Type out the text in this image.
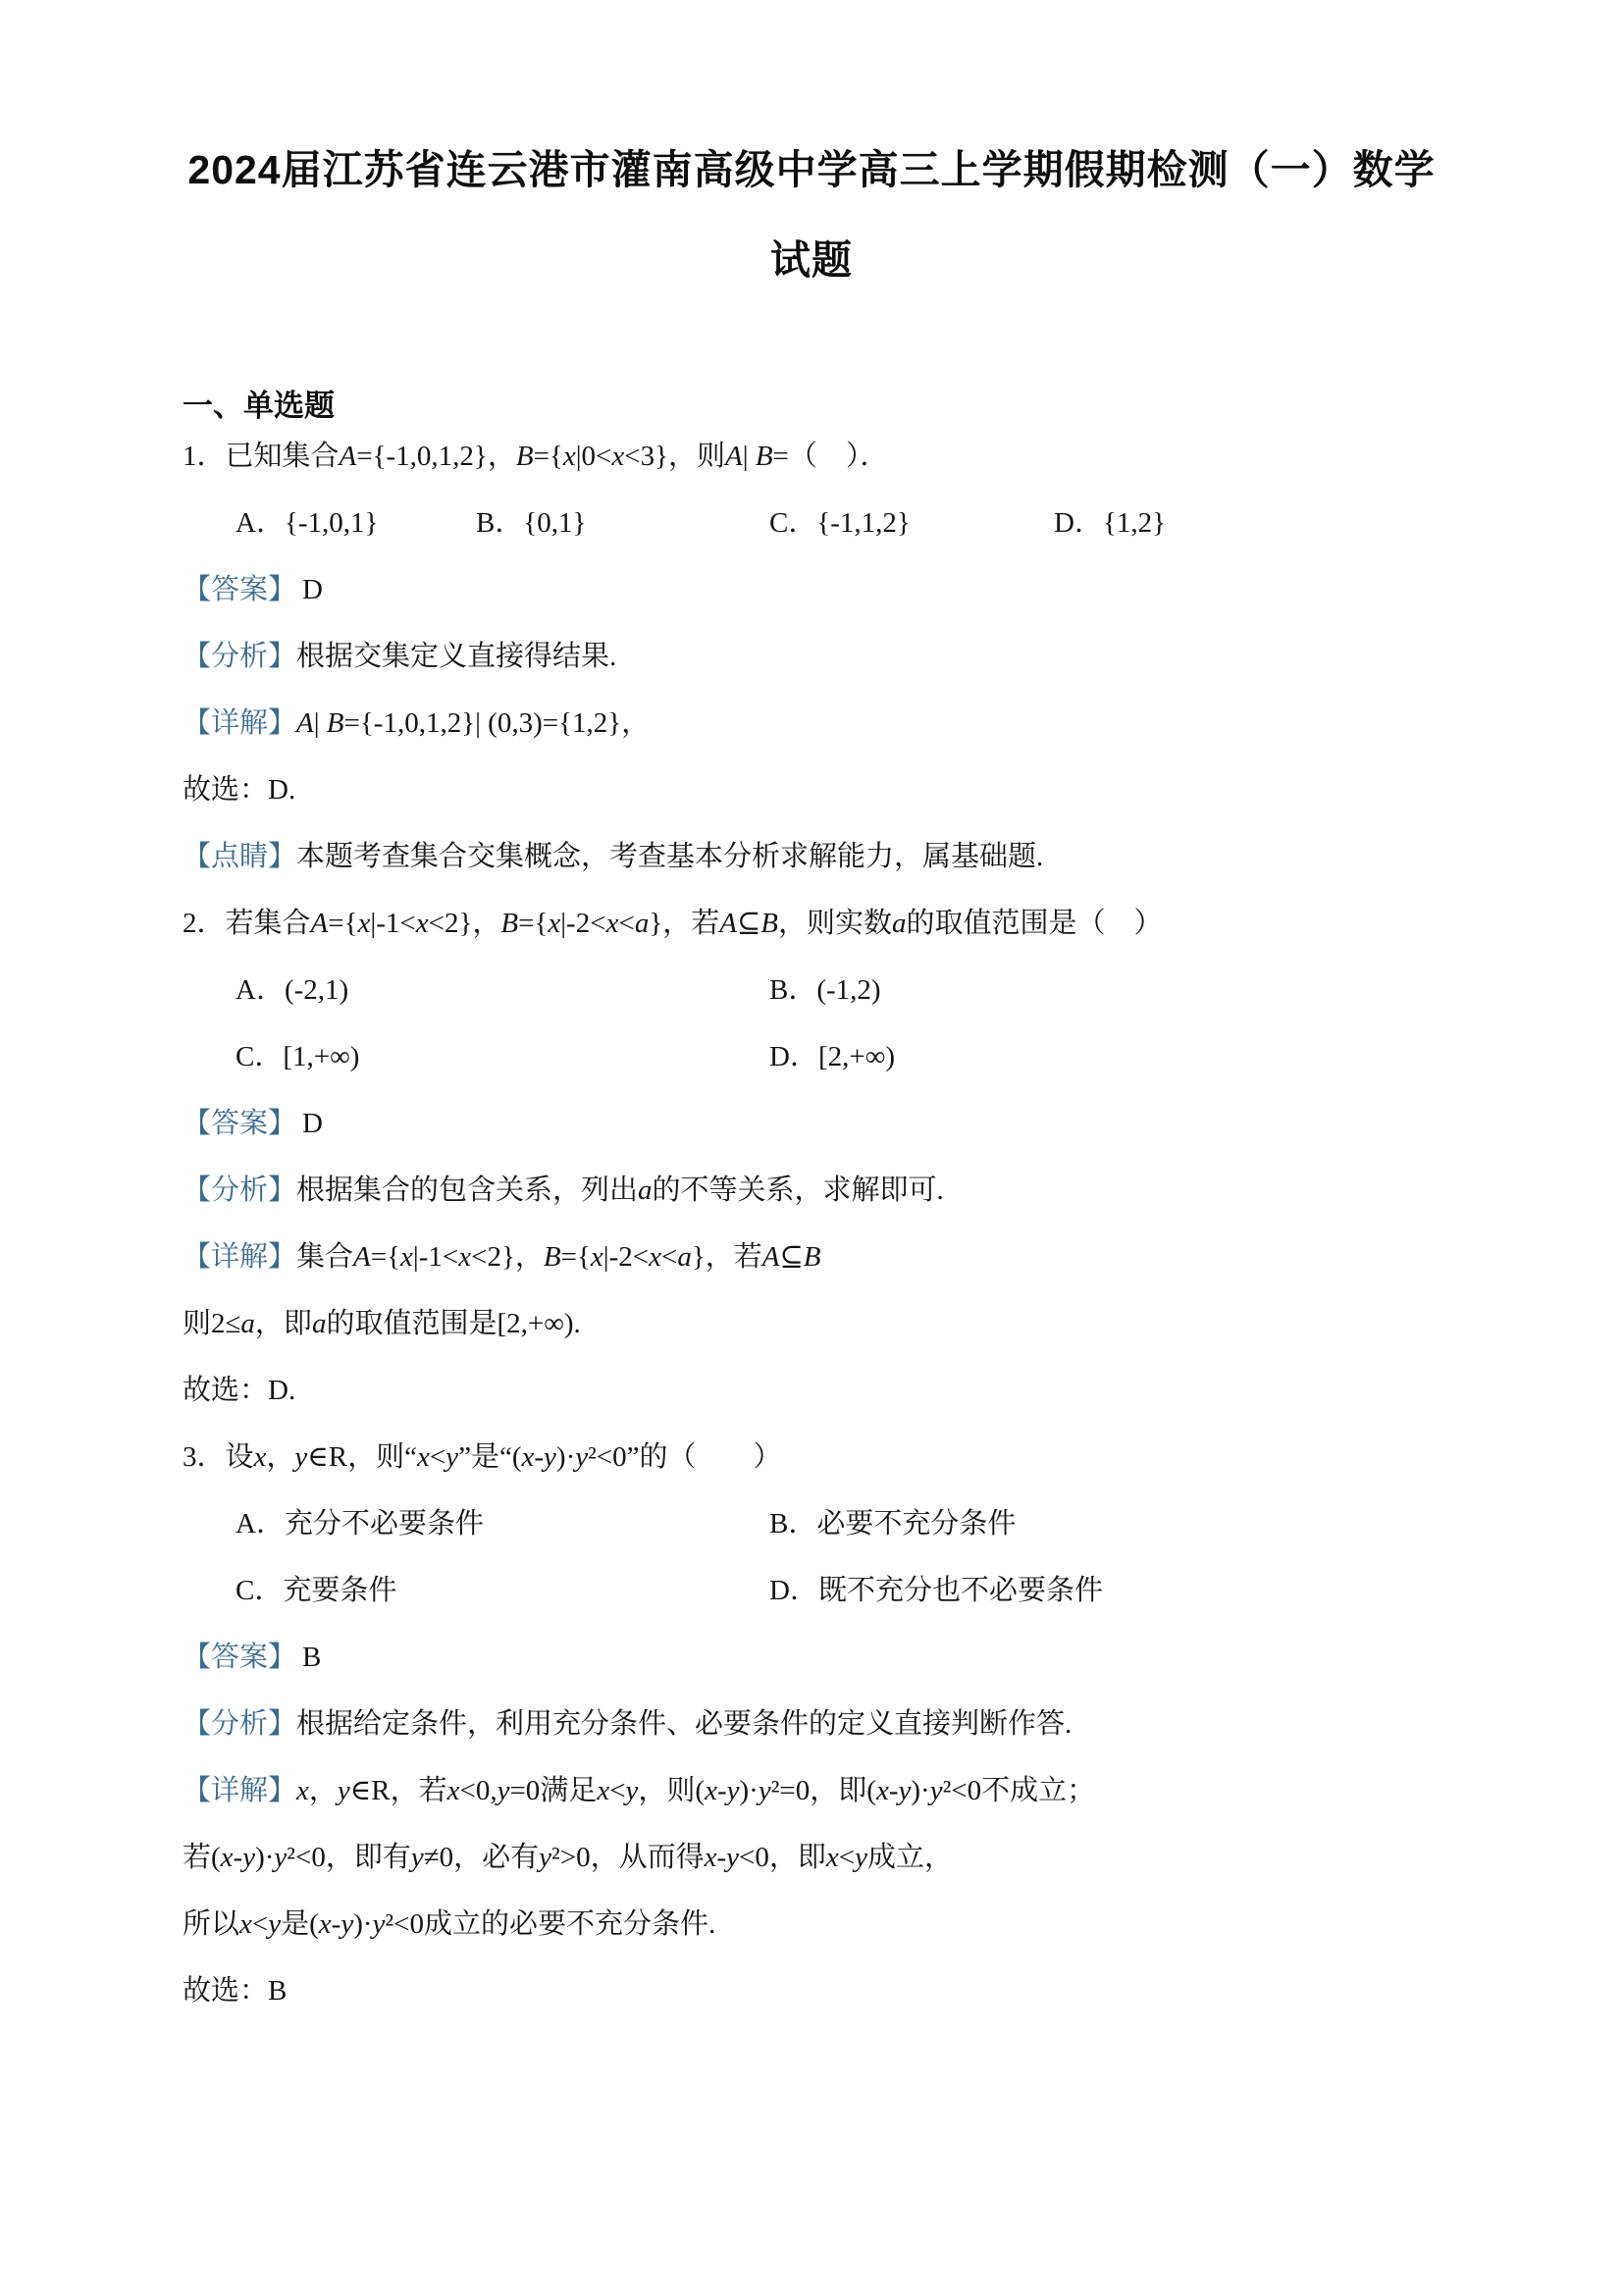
2024届江苏省连云港市灌南高级中学高三上学期假期检测（一）数学
试题
一、单选题

1．已知集合A={-1,0,1,2}，B={x|0<x<3}，则A| B=（　）．

A．{-1,0,1}	B．{0,1}	C．{-1,1,2}	D．{1,2}

【答案】 D

【分析】根据交集定义直接得结果.

【详解】A| B={-1,0,1,2}| (0,3)={1,2}，

故选：D.

【点睛】本题考查集合交集概念，考查基本分析求解能力，属基础题.

2．若集合A={x|-1<x<2}，B={x|-2<x<a}，若A⊆B，则实数a的取值范围是（　）

A．(-2,1)	B．(-1,2)
C．[1,+∞)	D．[2,+∞)

【答案】 D

【分析】根据集合的包含关系，列出a的不等关系，求解即可.

【详解】集合A={x|-1<x<2}，B={x|-2<x<a}，若A⊆B

则2≤a，即a的取值范围是[2,+∞).

故选：D.

3．设x，y∈R，则“x<y”是“(x-y)·y²<0”的（　　）

A．充分不必要条件	B．必要不充分条件
C．充要条件	D．既不充分也不必要条件

【答案】 B

【分析】根据给定条件，利用充分条件、必要条件的定义直接判断作答.

【详解】x，y∈R，若x<0,y=0满足x<y，则(x-y)·y²=0，即(x-y)·y²<0不成立；

若(x-y)·y²<0，即有y≠0，必有y²>0，从而得x-y<0，即x<y成立，

所以x<y是(x-y)·y²<0成立的必要不充分条件.

故选：B
